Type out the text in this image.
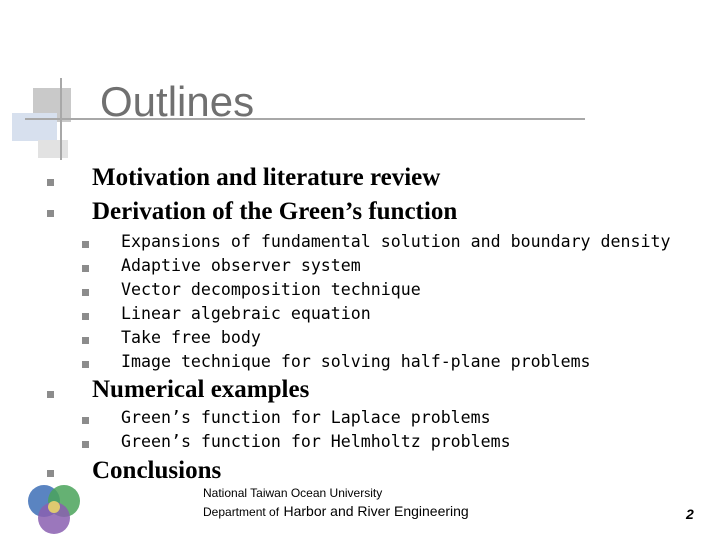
Outlines
Motivation and literature review
Derivation of the Green’s function
Expansions of fundamental solution and boundary density
Adaptive observer system
Vector decomposition technique
Linear algebraic equation
Take free body
Image technique for solving half-plane problems
Numerical examples
Green’s function for Laplace problems
Green’s function for Helmholtz problems
Conclusions
National Taiwan Ocean University
Department of Harbor and River Engineering	2
